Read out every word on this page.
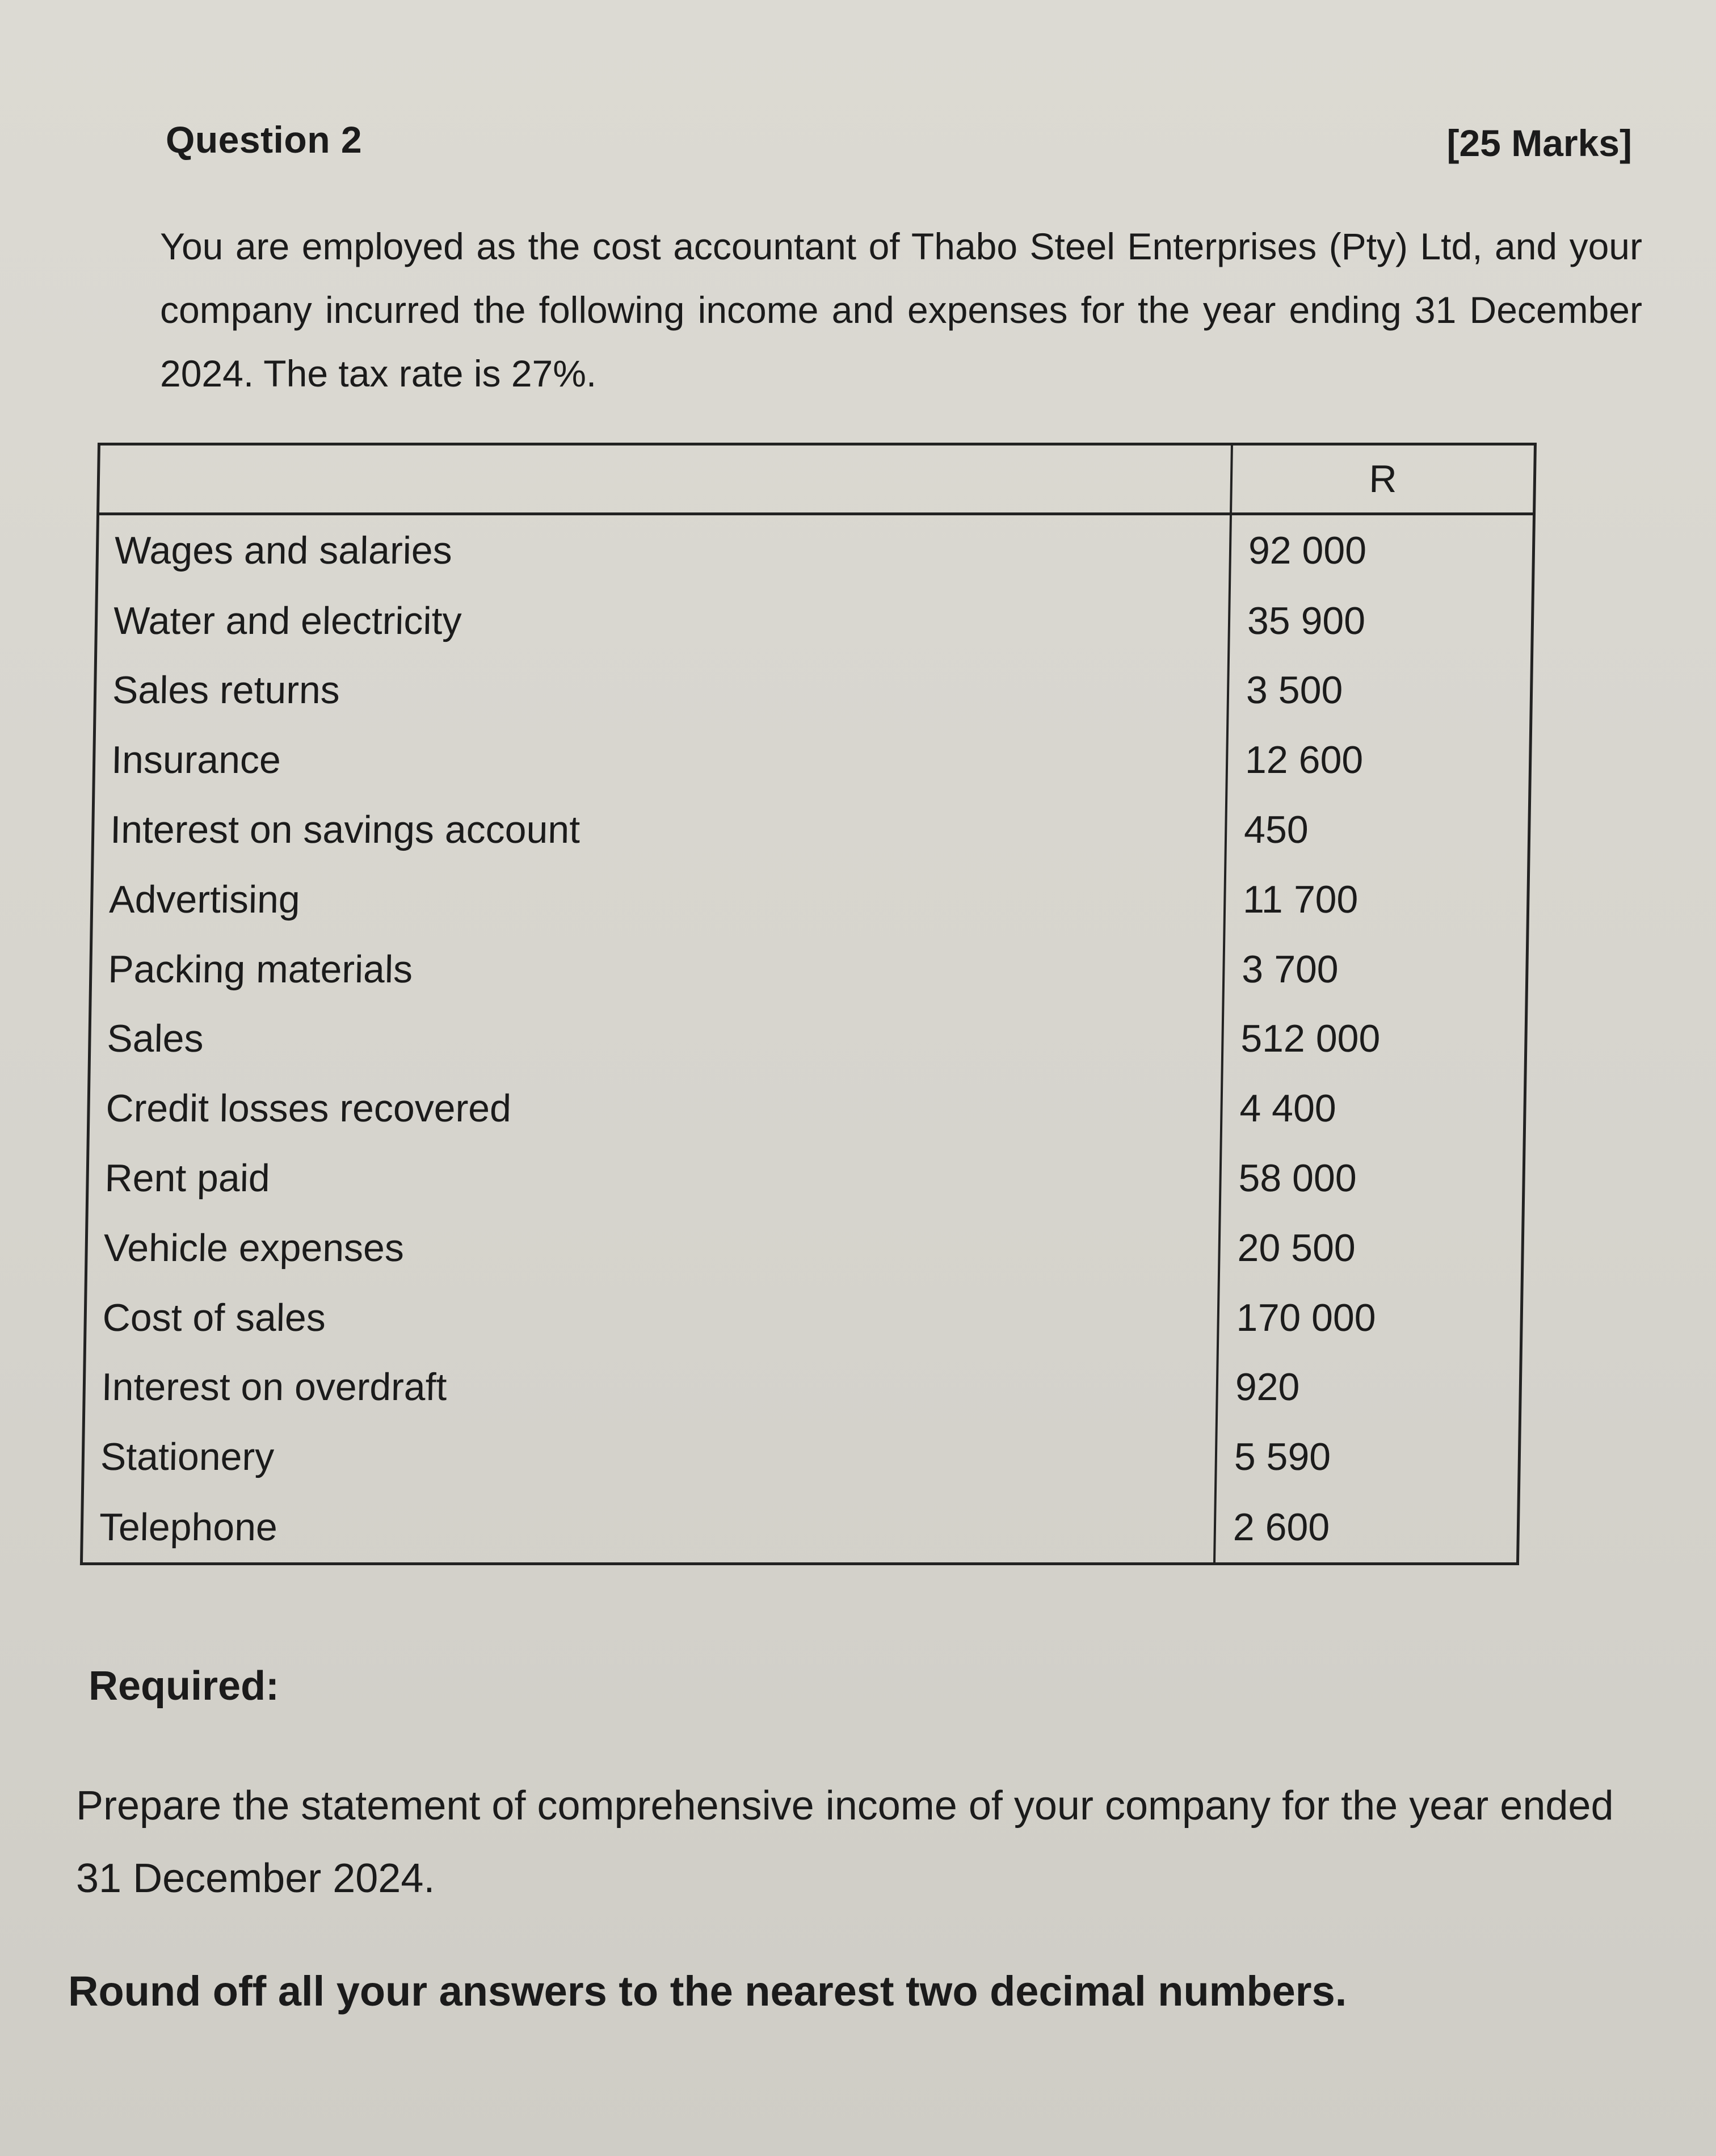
Question 2	[25 Marks]
You are employed as the cost accountant of Thabo Steel Enterprises (Pty) Ltd, and your company incurred the following income and expenses for the year ending 31 December 2024. The tax rate is 27%.
	R
Wages and salaries	92 000
Water and electricity	35 900
Sales returns	3 500
Insurance	12 600
Interest on savings account	450
Advertising	11 700
Packing materials	3 700
Sales	512 000
Credit losses recovered	4 400
Rent paid	58 000
Vehicle expenses	20 500
Cost of sales	170 000
Interest on overdraft	920
Stationery	5 590
Telephone	2 600
Required:
Prepare the statement of comprehensive income of your company for the year ended 31 December 2024.
Round off all your answers to the nearest two decimal numbers.
